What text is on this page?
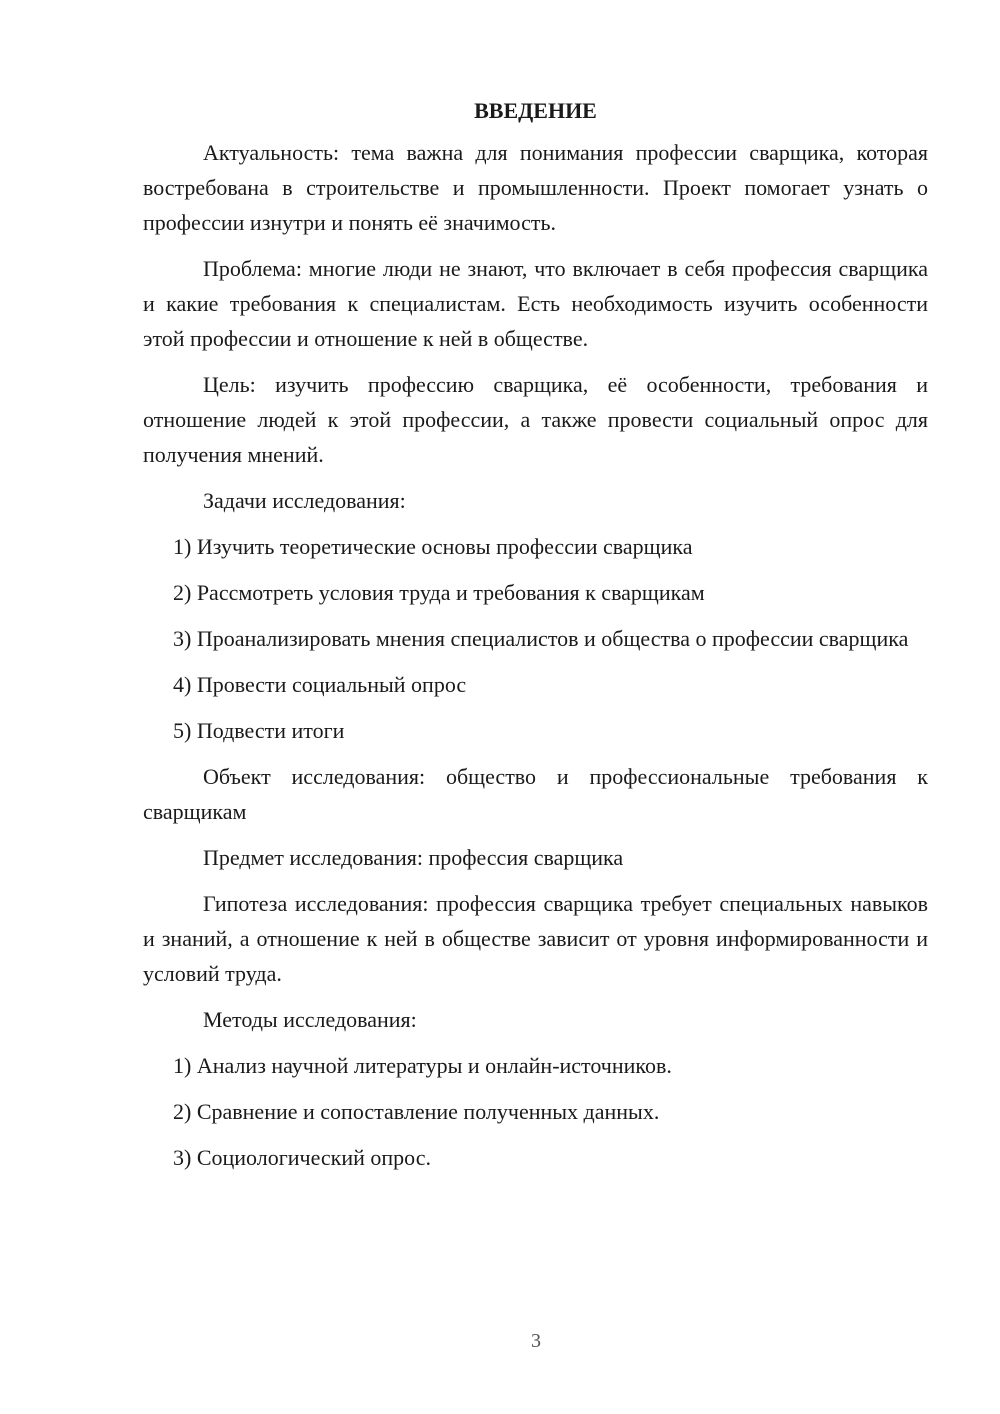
ВВЕДЕНИЕ

Актуальность: тема важна для понимания профессии сварщика, которая востребована в строительстве и промышленности. Проект помогает узнать о профессии изнутри и понять её значимость.

Проблема: многие люди не знают, что включает в себя профессия сварщика и какие требования к специалистам. Есть необходимость изучить особенности этой профессии и отношение к ней в обществе.

Цель: изучить профессию сварщика, её особенности, требования и отношение людей к этой профессии, а также провести социальный опрос для получения мнений.

Задачи исследования:

1) Изучить теоретические основы профессии сварщика

2) Рассмотреть условия труда и требования к сварщикам

3) Проанализировать мнения специалистов и общества о профессии сварщика

4) Провести социальный опрос

5) Подвести итоги

Объект исследования: общество и профессиональные требования к сварщикам

Предмет исследования: профессия сварщика

Гипотеза исследования: профессия сварщика требует специальных навыков и знаний, а отношение к ней в обществе зависит от уровня информированности и условий труда.

Методы исследования:

1) Анализ научной литературы и онлайн-источников.

2) Сравнение и сопоставление полученных данных.

3) Социологический опрос.

3
